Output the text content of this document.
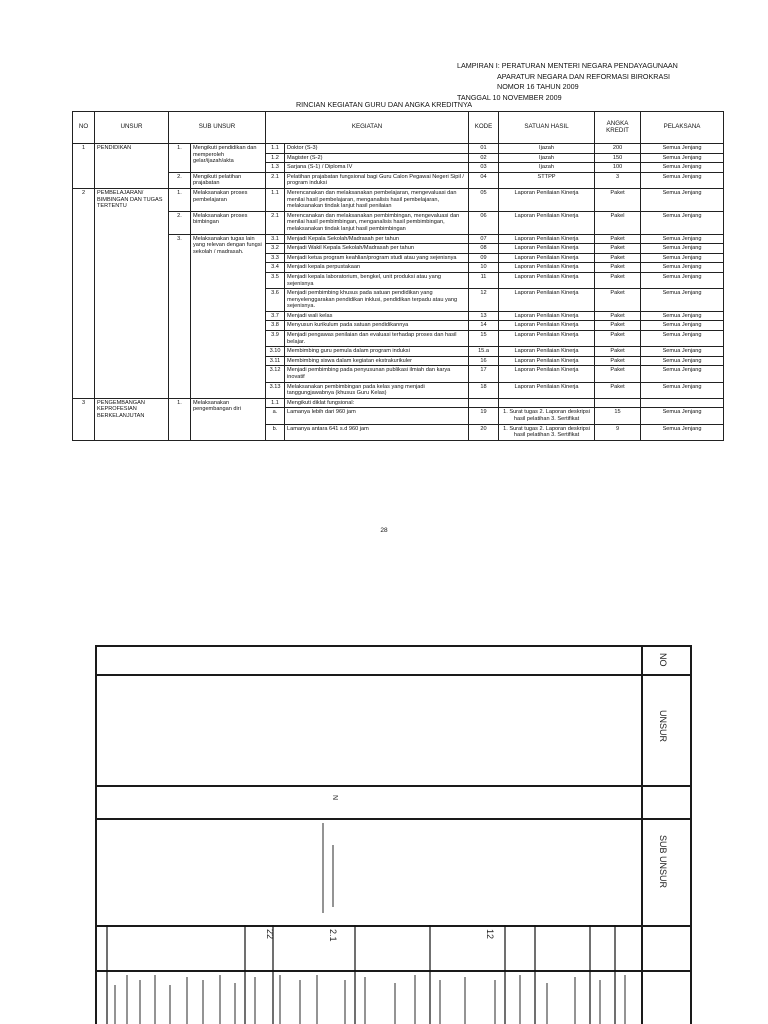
LAMPIRAN I: PERATURAN MENTERI NEGARA PENDAYAGUNAAN
APARATUR NEGARA DAN REFORMASI BIROKRASI
NOMOR 16 TAHUN 2009
TANGGAL 10 NOVEMBER 2009
RINCIAN KEGIATAN GURU DAN ANGKA KREDITNYA
NO	UNSUR	SUB UNSUR		KEGIATAN		KODE	SATUAN HASIL	ANGKA KREDIT	PELAKSANA
1	PENDIDIKAN	1.	Mengikuti pendidikan dan memperoleh gelar/ijazah/akta	1.1	Doktor (S-3)	01	Ijazah	200	Semua Jenjang
				1.2	Magister (S-2)	02	Ijazah	150	Semua Jenjang
				1.3	Sarjana (S-1) / Diploma IV	03	Ijazah	100	Semua Jenjang
		2.	Mengikuti pelatihan prajabatan	2.1	Pelatihan prajabatan fungsional bagi Guru Calon Pegawai Negeri Sipil / program induksi	04	STTPP	3	Semua Jenjang
2	PEMBELAJARAN/ BIMBINGAN DAN TUGAS TERTENTU	1.	Melaksanakan proses pembelajaran	1.1	Merencanakan dan melaksanakan pembelajaran, mengevaluasi dan menilai hasil pembelajaran, menganalisis hasil pembelajaran, melaksanakan tindak lanjut hasil penilaian	05	Laporan Penilaian Kinerja	Paket	Semua Jenjang
		2.	Melaksanakan proses bimbingan	2.1	Merencanakan dan melaksanakan pembimbingan, mengevaluasi dan menilai hasil pembimbingan, menganalisis hasil pembimbingan, melaksanakan tindak lanjut hasil pembimbingan	06	Laporan Penilaian Kinerja	Pakel	Semua Jenjang
		3.	Melaksanakan tugas lain yang relevan dengan fungsi sekolah / madrasah.	3.1	Menjadi Kepala Sekolah/Madrasah per tahun	07	Laporan Penilaian Kinerja	Paket	Semua Jenjang
				3.2	Menjadi Wakil Kepala Sekolah/Madrasah per tahun	08	Laporan Penilaian Kinerja	Paket	Semua Jenjang
				3.3	Menjadi ketua program keahlian/program studi atau yang sejenisnya	09	Laporan Penilaian Kinerja	Paket	Semua Jenjang
				3.4	Menjadi kepala perpustakaan	10	Laporan Penilaian Kinerja	Paket	Semua Jenjang
				3.5	Menjadi kepala laboratorium, bengkel, unit produksi atau yang sejenisnya	11	Laporan Penilaian Kinerja	Paket	Semua Jenjang
				3.6	Menjadi pembimbing khusus pada satuan pendidikan yang menyelenggarakan pendidikan inklusi, pendidikan terpadu atau yang sejenisnya.	12	Laporan Penilaian Kinerja	Paket	Semua Jenjang
				3.7	Menjadi wali kelas	13	Laporan Penilaian Kinerja	Paket	Semua Jenjang
				3.8	Menyusun kurikulum pada satuan pendidikannya	14	Laporan Penilaian Kinerja	Paket	Semua Jenjang
				3.9	Menjadi pengawas penilaian dan evaluasi terhadap proses dan hasil belajar.	15	Laporan Penilaian Kinerja	Paket	Semua Jenjang
				3.10	Membimbing guru pemula dalam program induksi	15.a	Laporan Penilaian Kinerja	Paket	Semua Jenjang
				3.11	Membimbing siswa dalam kegiatan ekstrakurikuler	16	Laporan Penilaian Kinerja	Paket	Semua Jenjang
				3.12	Menjadi pembimbing pada penyusunan publikasi ilmiah dan karya inovatif	17	Laporan Penilaian Kinerja	Paket	Semua Jenjang
				3.13	Melaksanakan pembimbingan pada kelas yang menjadi tanggungjawabnya (khusus Guru Kelas)	18	Laporan Penilaian Kinerja	Paket	Semua Jenjang
3	PENGEMBANGAN KEPROFESIAN BERKELANJUTAN	1.	Melaksanakan pengembangan diri	1.1	Mengikuti diklat fungsional:				
				a.	Lamanya lebih dari 960 jam	19	1. Surat tugas 2. Laporan deskripsi hasil pelatihan 3. Sertifikat	15	Semua Jenjang
				b.	Lamanya antara 641 s.d 960 jam	20	1. Surat tugas 2. Laporan deskripsi hasil pelatihan 3. Sertifikat	9	Semua Jenjang
28
NO
UNSUR
SUB UNSUR
N
22	2.1	12
